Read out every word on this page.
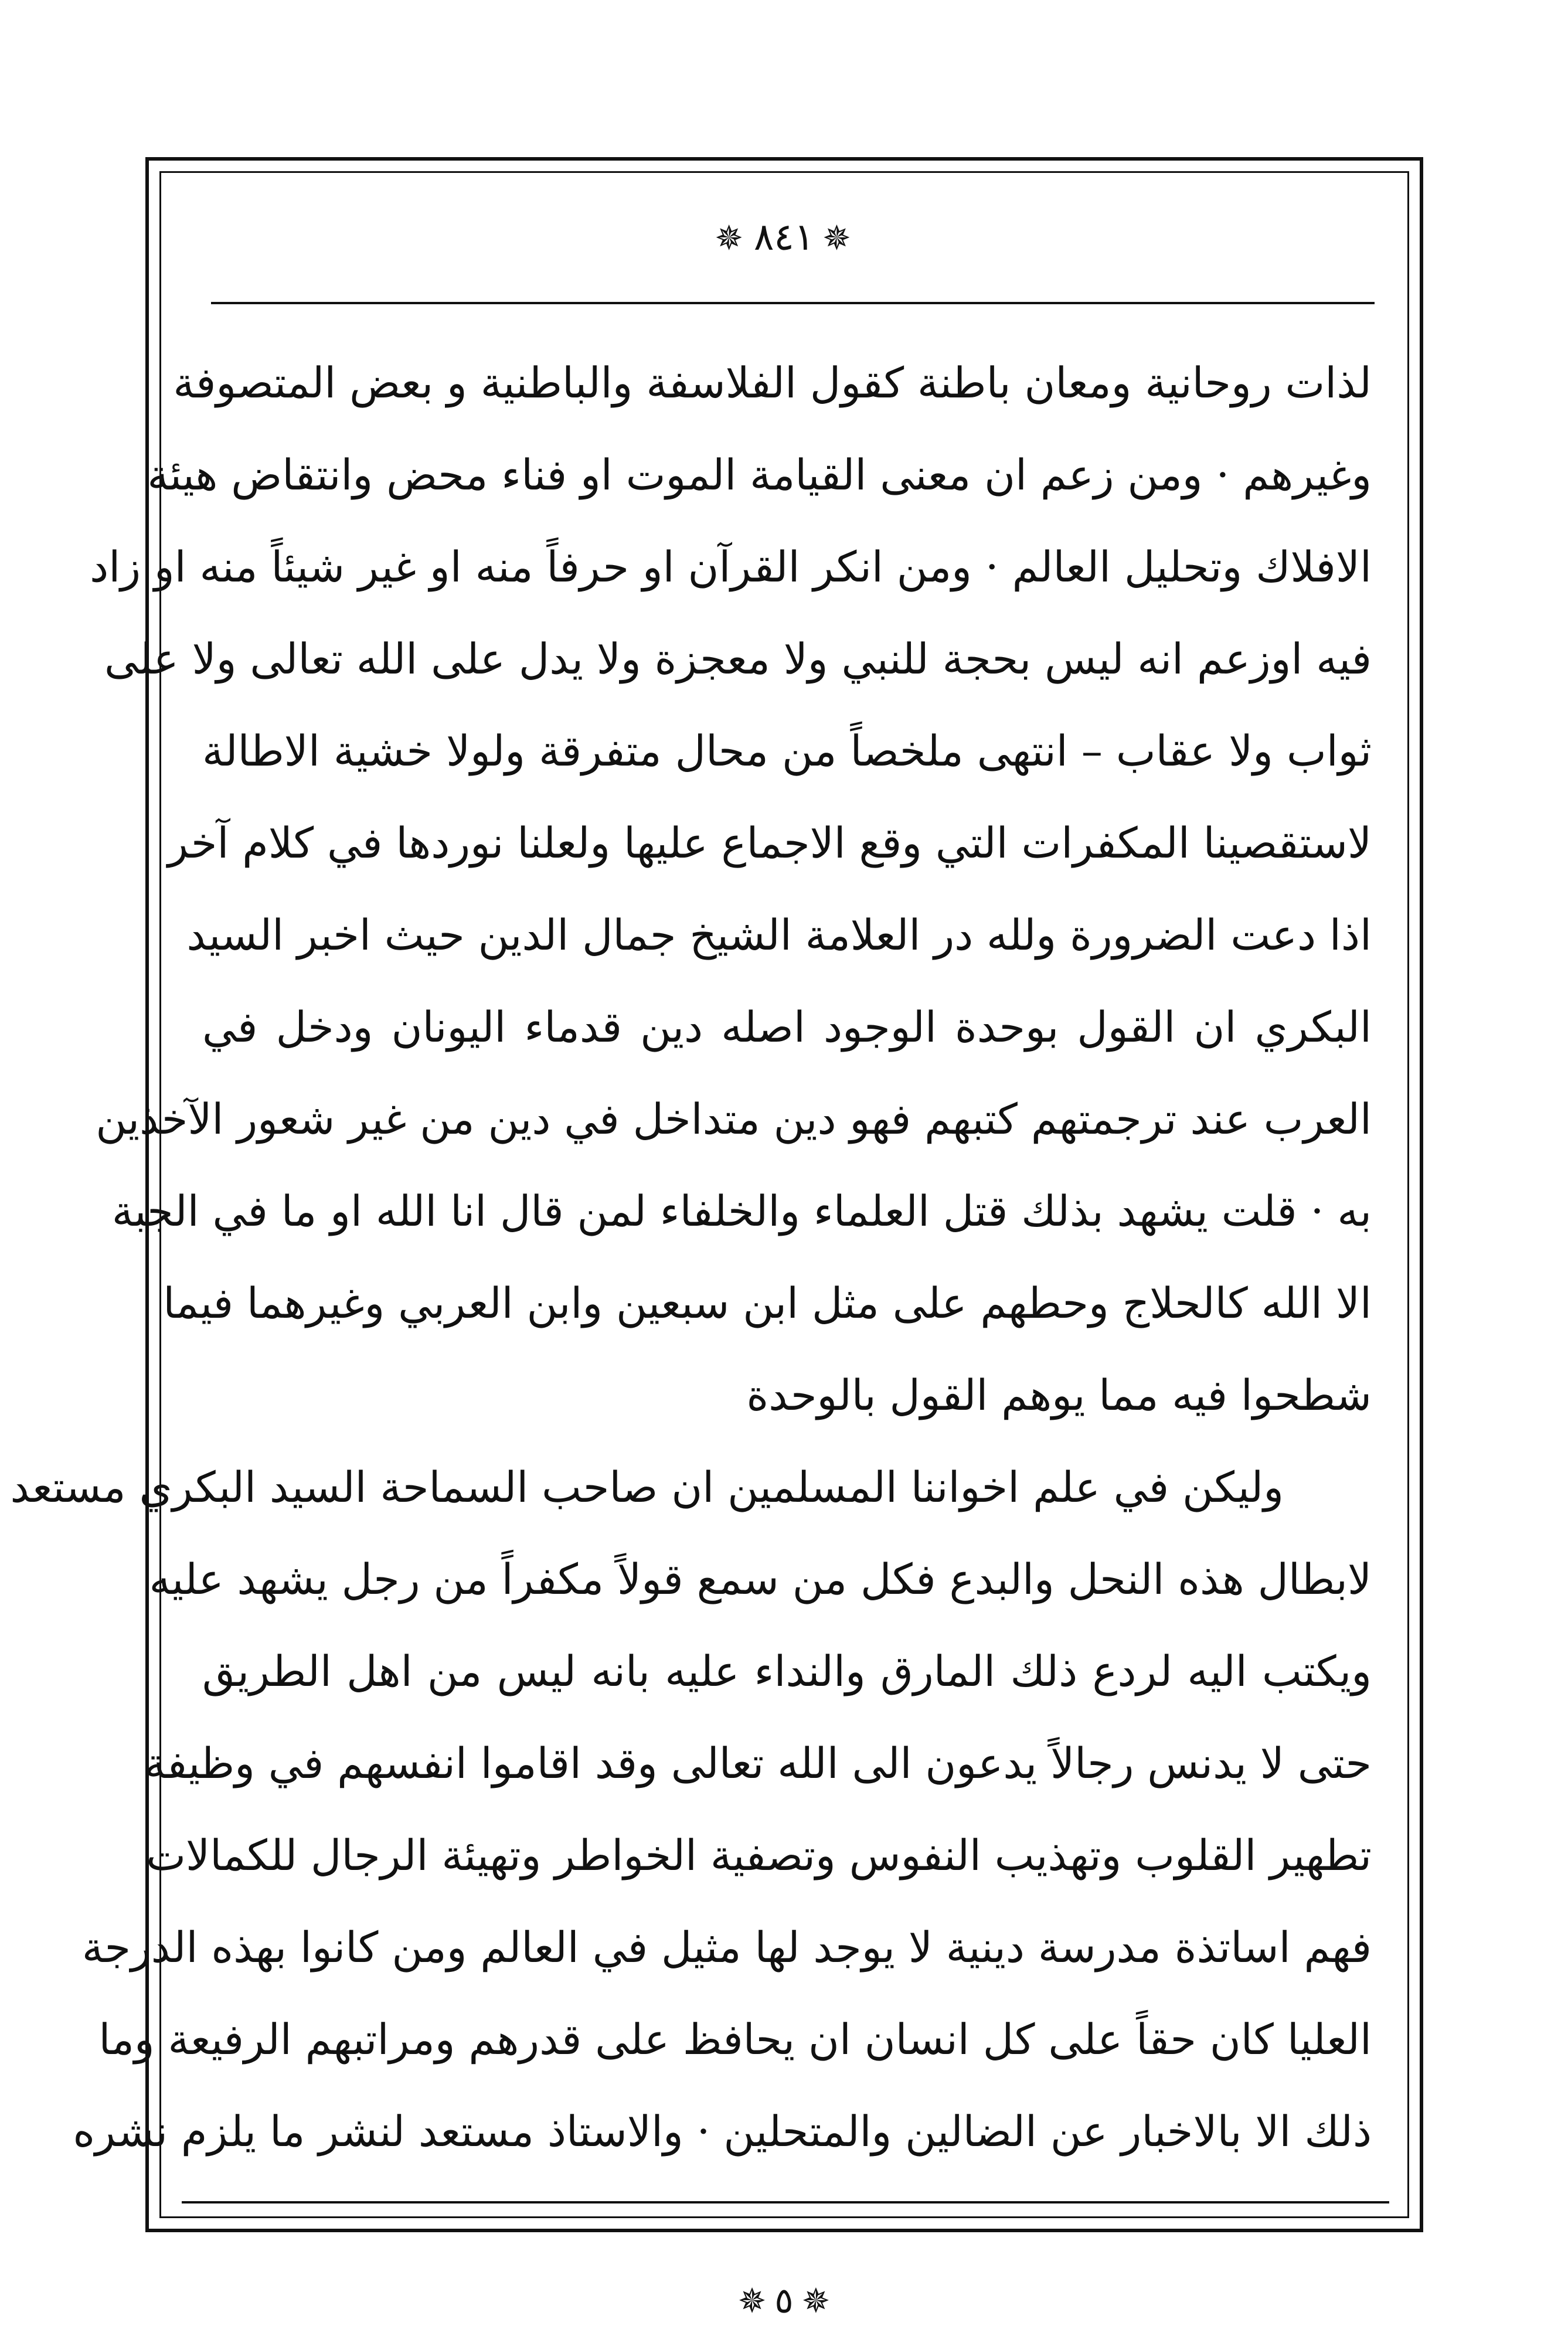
✵ ٨٤١ ✵
لذات روحانية ومعان باطنة كقول الفلاسفة والباطنية و بعض المتصوفة
وغيرهم · ومن زعم ان معنى القيامة الموت او فناء محض وانتقاض هيئة
الافلاك وتحليل العالم · ومن انكر القرآن او حرفاً منه او غير شيئاً منه او زاد
فيه اوزعم انه ليس بحجة للنبي ولا معجزة ولا يدل على الله تعالى ولا على
ثواب ولا عقاب – انتهى ملخصاً من محال متفرقة ولولا خشية الاطالة
لاستقصينا المكفرات التي وقع الاجماع عليها ولعلنا نوردها في كلام آخر
اذا دعت الضرورة ولله در العلامة الشيخ جمال الدين حيث اخبر السيد
البكري ان القول بوحدة الوجود اصله دين قدماء اليونان ودخل في
العرب عند ترجمتهم كتبهم فهو دين متداخل في دين من غير شعور الآخذين
به · قلت يشهد بذلك قتل العلماء والخلفاء لمن قال انا الله او ما في الجبة
الا الله كالحلاج وحطهم على مثل ابن سبعين وابن العربي وغيرهما فيما
شطحوا فيه مما يوهم القول بالوحدة
وليكن في علم اخواننا المسلمين ان صاحب السماحة السيد البكري مستعد
لابطال هذه النحل والبدع فكل من سمع قولاً مكفراً من رجل يشهد عليه
ويكتب اليه لردع ذلك المارق والنداء عليه بانه ليس من اهل الطريق
حتى لا يدنس رجالاً يدعون الى الله تعالى وقد اقاموا انفسهم في وظيفة
تطهير القلوب وتهذيب النفوس وتصفية الخواطر وتهيئة الرجال للكمالات
فهم اساتذة مدرسة دينية لا يوجد لها مثيل في العالم ومن كانوا بهذه الدرجة
العليا كان حقاً على كل انسان ان يحافظ على قدرهم ومراتبهم الرفيعة وما
ذلك الا بالاخبار عن الضالين والمتحلين · والاستاذ مستعد لنشر ما يلزم نشره
✵ ٥ ✵
